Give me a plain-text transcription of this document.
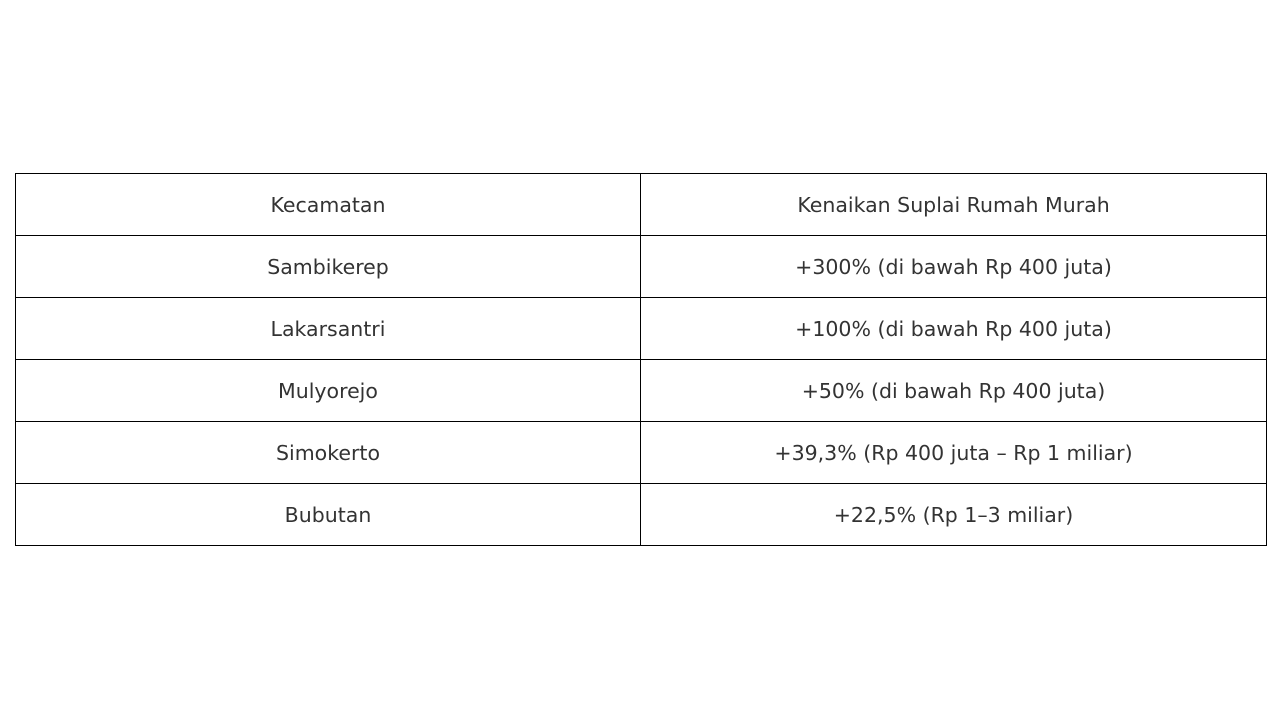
Kecamatan	Kenaikan Suplai Rumah Murah
Sambikerep	+300% (di bawah Rp 400 juta)
Lakarsantri	+100% (di bawah Rp 400 juta)
Mulyorejo	+50% (di bawah Rp 400 juta)
Simokerto	+39,3% (Rp 400 juta – Rp 1 miliar)
Bubutan	+22,5% (Rp 1–3 miliar)
